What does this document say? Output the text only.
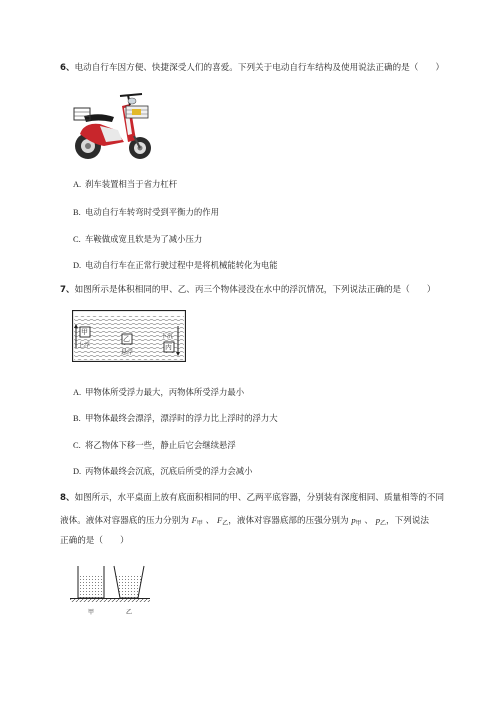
6、电动自行车因方便、快捷深受人们的喜爱。下列关于电动自行车结构及使用说法正确的是（　　）
A. 刹车装置相当于省力杠杆
B. 电动自行车转弯时受到平衡力的作用
C. 车鞍做成宽且软是为了减小压力
D. 电动自行车在正常行驶过程中是将机械能转化为电能
7、如图所示是体积相同的甲、乙、丙三个物体浸没在水中的浮沉情况，下列说法正确的是（　　）
甲
上浮
乙
悬浮
下沉
丙
A. 甲物体所受浮力最大，丙物体所受浮力最小
B. 甲物体最终会漂浮，漂浮时的浮力比上浮时的浮力大
C. 将乙物体下移一些，静止后它会继续悬浮
D. 丙物体最终会沉底，沉底后所受的浮力会减小
8、如图所示，水平桌面上放有底面积相同的甲、乙两平底容器，分别装有深度相同、质量相等的不同
液体。液体对容器底的压力分别为 $F_甲$ 、 $F_乙$，液体对容器底部的压强分别为 $p_甲$ 、 $p_乙$，下列说法
正确的是（　　）
甲	乙
